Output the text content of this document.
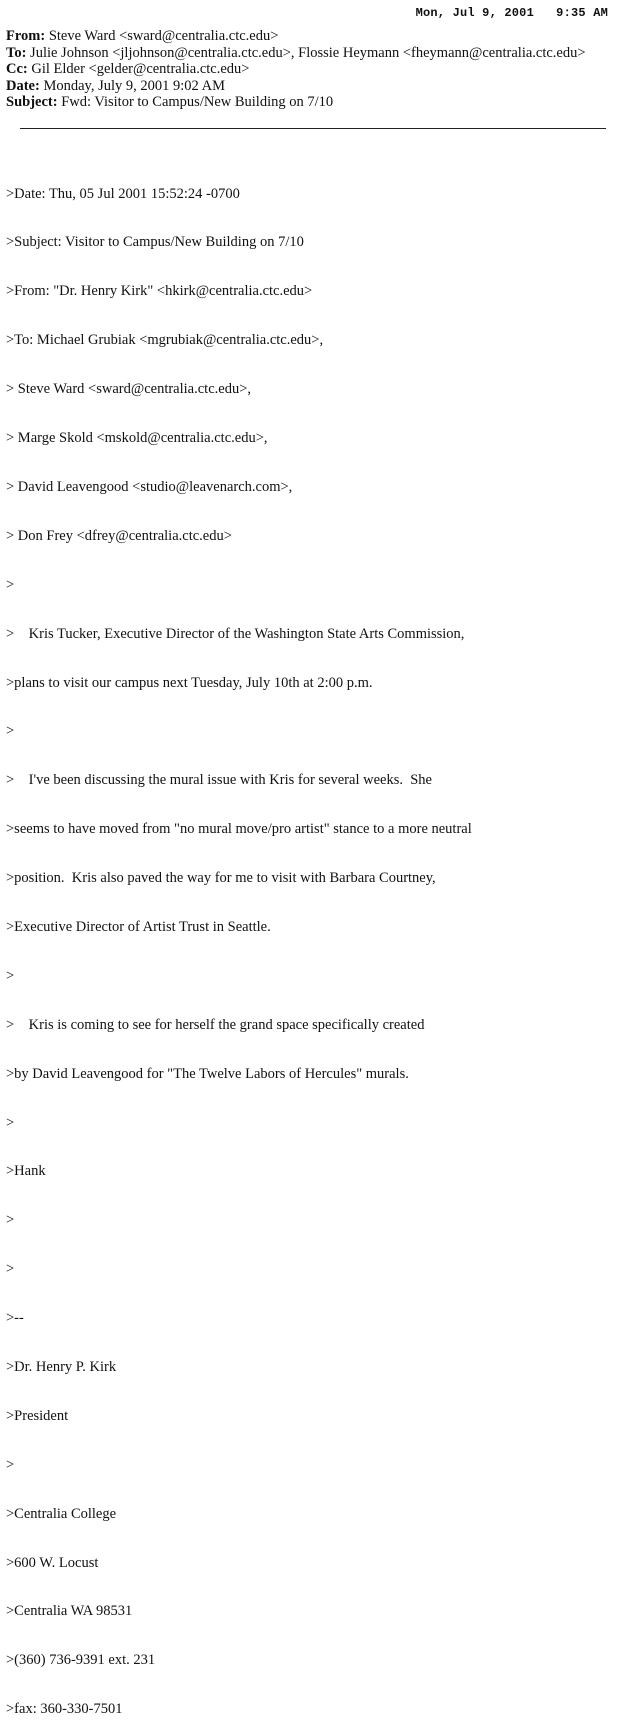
Mon, Jul 9, 2001   9:35 AM
From: Steve Ward <sward@centralia.ctc.edu>
To: Julie Johnson <jljohnson@centralia.ctc.edu>, Flossie Heymann <fheymann@centralia.ctc.edu>
Cc: Gil Elder <gelder@centralia.ctc.edu>
Date: Monday, July 9, 2001 9:02 AM
Subject: Fwd: Visitor to Campus/New Building on 7/10

>Date: Thu, 05 Jul 2001 15:52:24 -0700

>Subject: Visitor to Campus/New Building on 7/10

>From: "Dr. Henry Kirk" <hkirk@centralia.ctc.edu>

>To: Michael Grubiak <mgrubiak@centralia.ctc.edu>,

> Steve Ward <sward@centralia.ctc.edu>,

> Marge Skold <mskold@centralia.ctc.edu>,

> David Leavengood <studio@leavenarch.com>,

> Don Frey <dfrey@centralia.ctc.edu>

>

>    Kris Tucker, Executive Director of the Washington State Arts Commission,

>plans to visit our campus next Tuesday, July 10th at 2:00 p.m.

>

>    I've been discussing the mural issue with Kris for several weeks.  She

>seems to have moved from "no mural move/pro artist" stance to a more neutral

>position.  Kris also paved the way for me to visit with Barbara Courtney,

>Executive Director of Artist Trust in Seattle.

>

>    Kris is coming to see for herself the grand space specifically created

>by David Leavengood for "The Twelve Labors of Hercules" murals.

>

>Hank

>

>

>--

>Dr. Henry P. Kirk

>President

>

>Centralia College

>600 W. Locust

>Centralia WA 98531

>(360) 736-9391 ext. 231

>fax: 360-330-7501
